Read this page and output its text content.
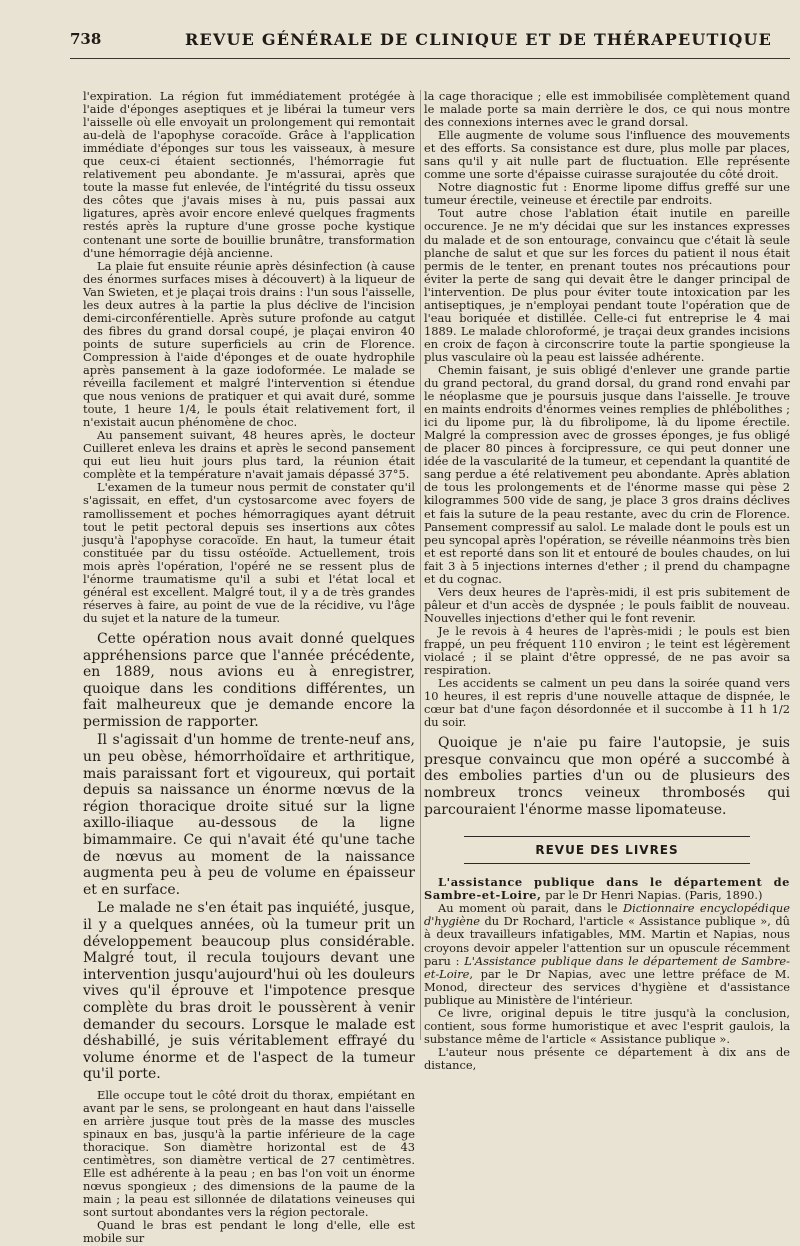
738	REVUE GÉNÉRALE DE CLINIQUE ET DE THÉRAPEUTIQUE

l'expiration. La région fut immédiatement protégée à l'aide d'éponges aseptiques et je libérai la tumeur vers l'aisselle où elle envoyait un prolongement qui remontait au-delà de l'apophyse coracoïde. Grâce à l'application immédiate d'éponges sur tous les vaisseaux, à mesure que ceux-ci étaient sectionnés, l'hémorragie fut relativement peu abondante. Je m'assurai, après que toute la masse fut enlevée, de l'intégrité du tissu osseux des côtes que j'avais mises à nu, puis passai aux ligatures, après avoir encore enlevé quelques fragments restés après la rupture d'une grosse poche kystique contenant une sorte de bouillie brunâtre, transformation d'une hémorragie déjà ancienne.

La plaie fut ensuite réunie après désinfection (à cause des énormes surfaces mises à découvert) à la liqueur de Van Swieten, et je plaçai trois drains : l'un sous l'aisselle, les deux autres à la partie la plus déclive de l'incision demi-circonférentielle. Après suture profonde au catgut des fibres du grand dorsal coupé, je plaçai environ 40 points de suture superficiels au crin de Florence. Compression à l'aide d'éponges et de ouate hydrophile après pansement à la gaze iodoformée. Le malade se réveilla facilement et malgré l'intervention si étendue que nous venions de pratiquer et qui avait duré, somme toute, 1 heure 1/4, le pouls était relativement fort, il n'existait aucun phénomène de choc.

Au pansement suivant, 48 heures après, le docteur Cuilleret enleva les drains et après le second pansement qui eut lieu huit jours plus tard, la réunion était complète et la température n'avait jamais dépassé 37°5.

L'examen de la tumeur nous permit de constater qu'il s'agissait, en effet, d'un cystosarcome avec foyers de ramollissement et poches hémorragiques ayant détruit tout le petit pectoral depuis ses insertions aux côtes jusqu'à l'apophyse coracoïde. En haut, la tumeur était constituée par du tissu ostéoïde. Actuellement, trois mois après l'opération, l'opéré ne se ressent plus de l'énorme traumatisme qu'il a subi et l'état local et général est excellent. Malgré tout, il y a de très grandes réserves à faire, au point de vue de la récidive, vu l'âge du sujet et la nature de la tumeur.

Cette opération nous avait donné quelques appréhensions parce que l'année précédente, en 1889, nous avions eu à enregistrer, quoique dans les conditions différentes, un fait malheureux que je demande encore la permission de rapporter.

Il s'agissait d'un homme de trente-neuf ans, un peu obèse, hémorrhoïdaire et arthritique, mais paraissant fort et vigoureux, qui portait depuis sa naissance un énorme nœvus de la région thoracique droite situé sur la ligne axillo-iliaque au-dessous de la ligne bimammaire. Ce qui n'avait été qu'une tache de nœvus au moment de la naissance augmenta peu à peu de volume en épaisseur et en surface.

Le malade ne s'en était pas inquiété, jusque, il y a quelques années, où la tumeur prit un développement beaucoup plus considérable. Malgré tout, il recula toujours devant une intervention jusqu'aujourd'hui où les douleurs vives qu'il éprouve et l'impotence presque complète du bras droit le poussèrent à venir demander du secours. Lorsque le malade est déshabillé, je suis véritablement effrayé du volume énorme et de l'aspect de la tumeur qu'il porte.

Elle occupe tout le côté droit du thorax, empiétant en avant par le sens, se prolongeant en haut dans l'aisselle en arrière jusque tout près de la masse des muscles spinaux en bas, jusqu'à la partie inférieure de la cage thoracique. Son diamètre horizontal est de 43 centimètres, son diamètre vertical de 27 centimètres. Elle est adhérente à la peau ; en bas l'on voit un énorme nœvus spongieux ; des dimensions de la paume de la main ; la peau est sillonnée de dilatations veineuses qui sont surtout abondantes vers la région pectorale.

Quand le bras est pendant le long d'elle, elle est mobile sur

la cage thoracique ; elle est immobilisée complètement quand le malade porte sa main derrière le dos, ce qui nous montre des connexions internes avec le grand dorsal.

Elle augmente de volume sous l'influence des mouvements et des efforts. Sa consistance est dure, plus molle par places, sans qu'il y ait nulle part de fluctuation. Elle représente comme une sorte d'épaisse cuirasse surajoutée du côté droit.

Notre diagnostic fut : Enorme lipome diffus greffé sur une tumeur érectile, veineuse et érectile par endroits.

Tout autre chose l'ablation était inutile en pareille occurence. Je ne m'y décidai que sur les instances expresses du malade et de son entourage, convaincu que c'était là seule planche de salut et que sur les forces du patient il nous était permis de le tenter, en prenant toutes nos précautions pour éviter la perte de sang qui devait être le danger principal de l'intervention. De plus pour éviter toute intoxication par les antiseptiques, je n'employai pendant toute l'opération que de l'eau boriquée et distillée. Celle-ci fut entreprise le 4 mai 1889. Le malade chloroformé, je traçai deux grandes incisions en croix de façon à circonscrire toute la partie spongieuse la plus vasculaire où la peau est laissée adhérente.

Chemin faisant, je suis obligé d'enlever une grande partie du grand pectoral, du grand dorsal, du grand rond envahi par le néoplasme que je poursuis jusque dans l'aisselle. Je trouve en maints endroits d'énormes veines remplies de phlébolithes ; ici du lipome pur, là du fibrolipome, là du lipome érectile. Malgré la compression avec de grosses éponges, je fus obligé de placer 80 pinces à forcipressure, ce qui peut donner une idée de la vascularité de la tumeur, et cependant la quantité de sang perdue a été relativement peu abondante. Après ablation de tous les prolongements et de l'énorme masse qui pèse 2 kilogrammes 500 vide de sang, je place 3 gros drains déclives et fais la suture de la peau restante, avec du crin de Florence. Pansement compressif au salol. Le malade dont le pouls est un peu syncopal après l'opération, se réveille néanmoins très bien et est reporté dans son lit et entouré de boules chaudes, on lui fait 3 à 5 injections internes d'ether ; il prend du champagne et du cognac.

Vers deux heures de l'après-midi, il est pris subitement de pâleur et d'un accès de dyspnée ; le pouls faiblit de nouveau. Nouvelles injections d'ether qui le font revenir.

Je le revois à 4 heures de l'après-midi ; le pouls est bien frappé, un peu fréquent 110 environ ; le teint est légèrement violacé ; il se plaint d'être oppressé, de ne pas avoir sa respiration.

Les accidents se calment un peu dans la soirée quand vers 10 heures, il est repris d'une nouvelle attaque de dispnée, le cœur bat d'une façon désordonnée et il succombe à 11 h 1/2 du soir.

Quoique je n'aie pu faire l'autopsie, je suis presque convaincu que mon opéré a succombé à des embolies parties d'un ou de plusieurs des nombreux troncs veineux thrombosés qui parcouraient l'énorme masse lipomateuse.

REVUE DES LIVRES

L'assistance publique dans le département de Sambre-et-Loire, par le Dr Henri Napias. (Paris, 1890.)

Au moment où parait, dans le Dictionnaire encyclopédique d'hygiène du Dr Rochard, l'article « Assistance publique », dû à deux travailleurs infatigables, MM. Martin et Napias, nous croyons devoir appeler l'attention sur un opuscule récemment paru : L'Assistance publique dans le département de Sambre-et-Loire, par le Dr Napias, avec une lettre préface de M. Monod, directeur des services d'hygiène et d'assistance publique au Ministère de l'intérieur.

Ce livre, original depuis le titre jusqu'à la conclusion, contient, sous forme humoristique et avec l'esprit gaulois, la substance même de l'article « Assistance publique ».

L'auteur nous présente ce département à dix ans de distance,
